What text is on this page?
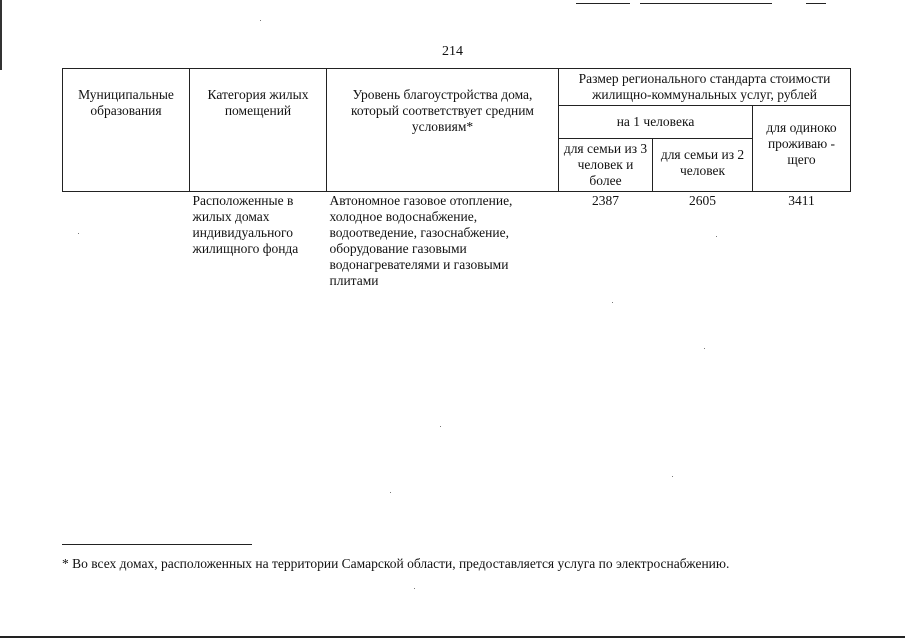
214
Муниципальные образования	Категория жилых помещений	Уровень благоустройства дома, который соответствует средним условиям*	Размер регионального стандарта стоимости жилищно-коммунальных услуг, рублей		
			на 1 человека		для одиноко проживаю - щего
			для семьи из 3 человек и более	для семьи из 2 человек	
	Расположенные в жилых домах индивидуального жилищного фонда	Автономное газовое отопление, холодное водоснабжение, водоотведение, газоснабжение, оборудование газовыми водонагревателями и газовыми плитами	2387	2605	3411
* Во всех домах, расположенных на территории Самарской области, предоставляется услуга по электроснабжению.
